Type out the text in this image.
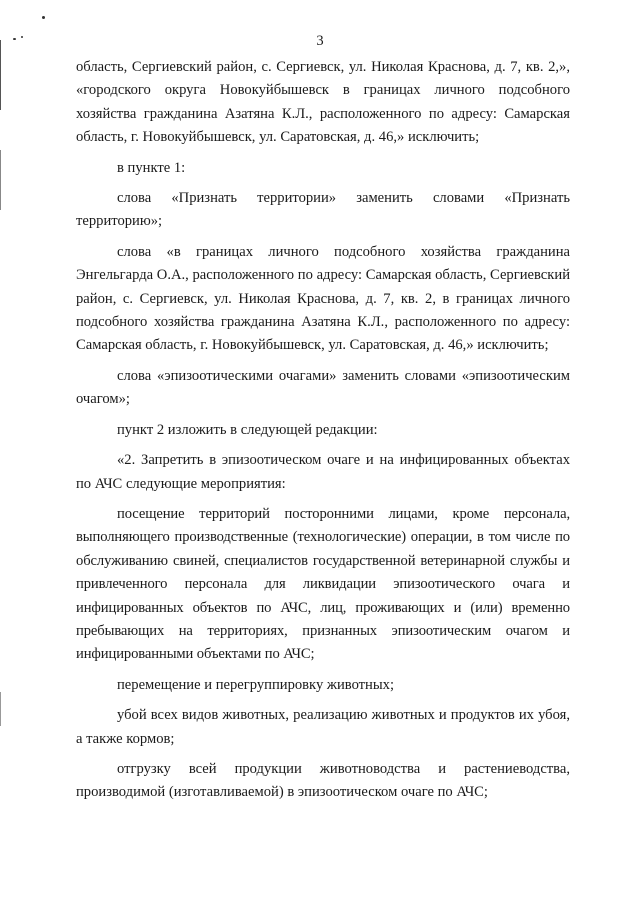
3

область, Сергиевский район, с. Сергиевск, ул. Николая Краснова, д. 7, кв. 2,», «городского округа Новокуйбышевск в границах личного подсобного хозяйства гражданина Азатяна К.Л., расположенного по адресу: Самарская область, г. Новокуйбышевск, ул. Саратовская, д. 46,» исключить;

в пункте 1:

слова «Признать территории» заменить словами «Признать территорию»;

слова «в границах личного подсобного хозяйства гражданина Энгельгарда О.А., расположенного по адресу: Самарская область, Сергиевский район, с. Сергиевск, ул. Николая Краснова, д. 7, кв. 2, в границах личного подсобного хозяйства гражданина Азатяна К.Л., расположенного по адресу: Самарская область, г. Новокуйбышевск, ул. Саратовская, д. 46,» исключить;

слова «эпизоотическими очагами» заменить словами «эпизоотическим очагом»;

пункт 2 изложить в следующей редакции:

«2. Запретить в эпизоотическом очаге и на инфицированных объектах по АЧС следующие мероприятия:

посещение территорий посторонними лицами, кроме персонала, выполняющего производственные (технологические) операции, в том числе по обслуживанию свиней, специалистов государственной ветеринарной службы и привлеченного персонала для ликвидации эпизоотического очага и инфицированных объектов по АЧС, лиц, проживающих и (или) временно пребывающих на территориях, признанных эпизоотическим очагом и инфицированными объектами по АЧС;

перемещение и перегруппировку животных;

убой всех видов животных, реализацию животных и продуктов их убоя, а также кормов;

отгрузку всей продукции животноводства и растениеводства, производимой (изготавливаемой) в эпизоотическом очаге по АЧС;
